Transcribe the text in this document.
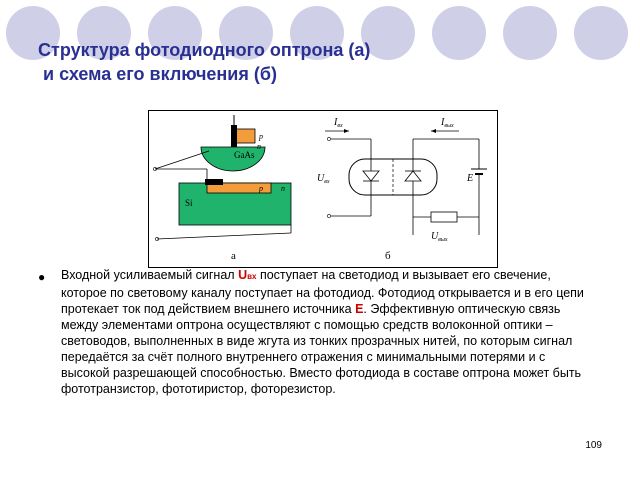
Структура фотодиодного оптрона (а)
и схема его включения (б)
GaAs
p
n
Si
p n
а
$I_{вх}$
$U_{вх}$
$I_{вых}$
E
$U_{вых}$
б
● Входной усиливаемый сигнал Uвх поступает на светодиод и вызывает его свечение, которое по световому каналу поступает на фотодиод. Фотодиод открывается и в его цепи протекает ток под действием внешнего источника E. Эффективную оптическую связь между элементами оптрона осуществляют с помощью средств волоконной оптики – световодов, выполненных в виде жгута из тонких прозрачных нитей, по которым сигнал передаётся за счёт полного внутреннего отражения с минимальными потерями и с высокой разрешающей способностью. Вместо фотодиода в составе оптрона может быть фототранзистор, фототиристор, фоторезистор.

109
